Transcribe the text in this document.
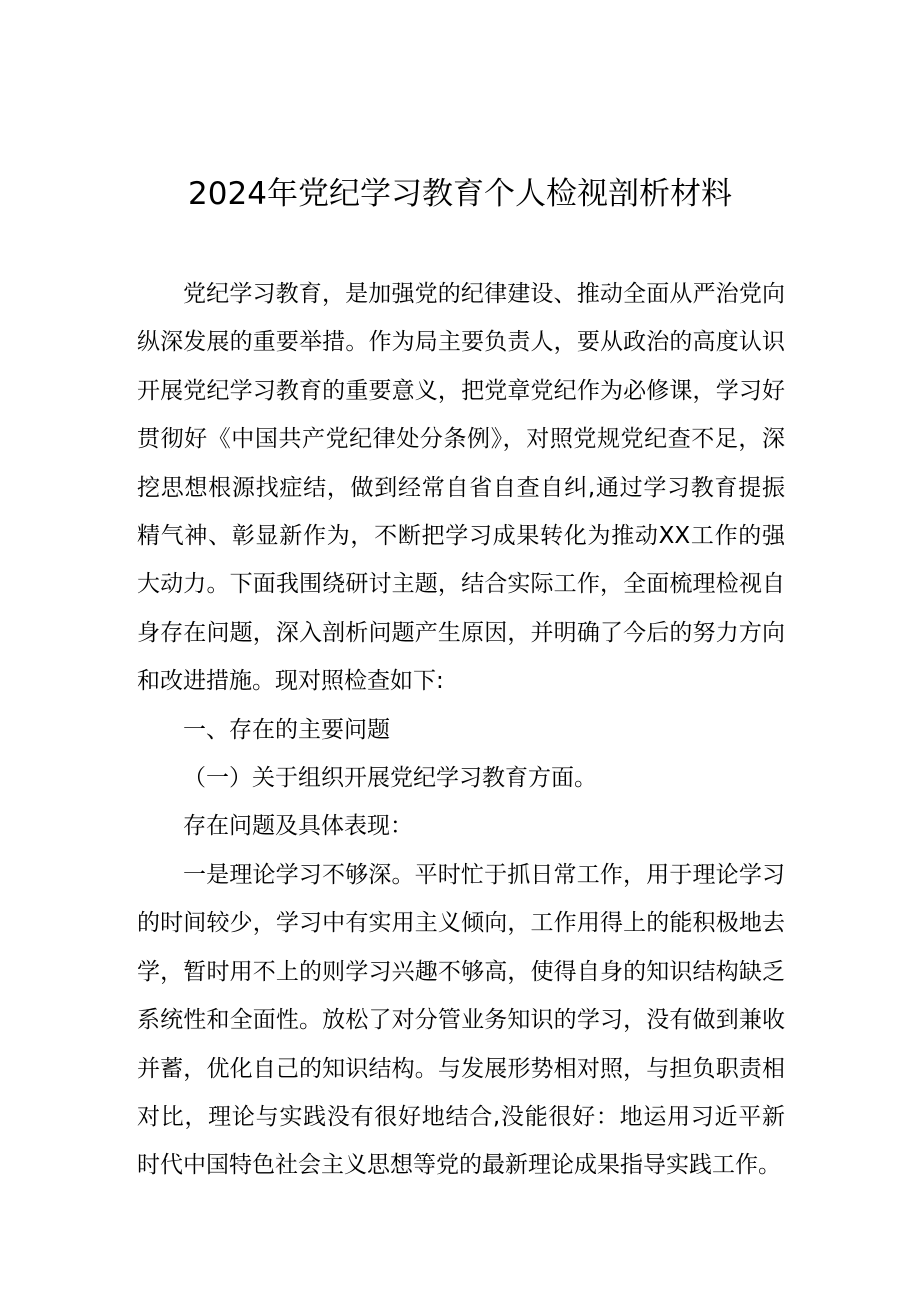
2024年党纪学习教育个人检视剖析材料

党纪学习教育，是加强党的纪律建设、推动全面从严治党向纵深发展的重要举措。作为局主要负责人，要从政治的高度认识开展党纪学习教育的重要意义，把党章党纪作为必修课，学习好贯彻好《中国共产党纪律处分条例》，对照党规党纪查不足，深挖思想根源找症结，做到经常自省自查自纠,通过学习教育提振精气神、彰显新作为，不断把学习成果转化为推动XX工作的强大动力。下面我围绕研讨主题，结合实际工作，全面梳理检视自身存在问题，深入剖析问题产生原因，并明确了今后的努力方向和改进措施。现对照检查如下:

一、存在的主要问题

（一）关于组织开展党纪学习教育方面。

存在问题及具体表现：

一是理论学习不够深。平时忙于抓日常工作，用于理论学习的时间较少，学习中有实用主义倾向，工作用得上的能积极地去学，暂时用不上的则学习兴趣不够高，使得自身的知识结构缺乏系统性和全面性。放松了对分管业务知识的学习，没有做到兼收并蓄，优化自己的知识结构。与发展形势相对照，与担负职责相对比，理论与实践没有很好地结合,没能很好：地运用习近平新时代中国特色社会主义思想等党的最新理论成果指导实践工作。
